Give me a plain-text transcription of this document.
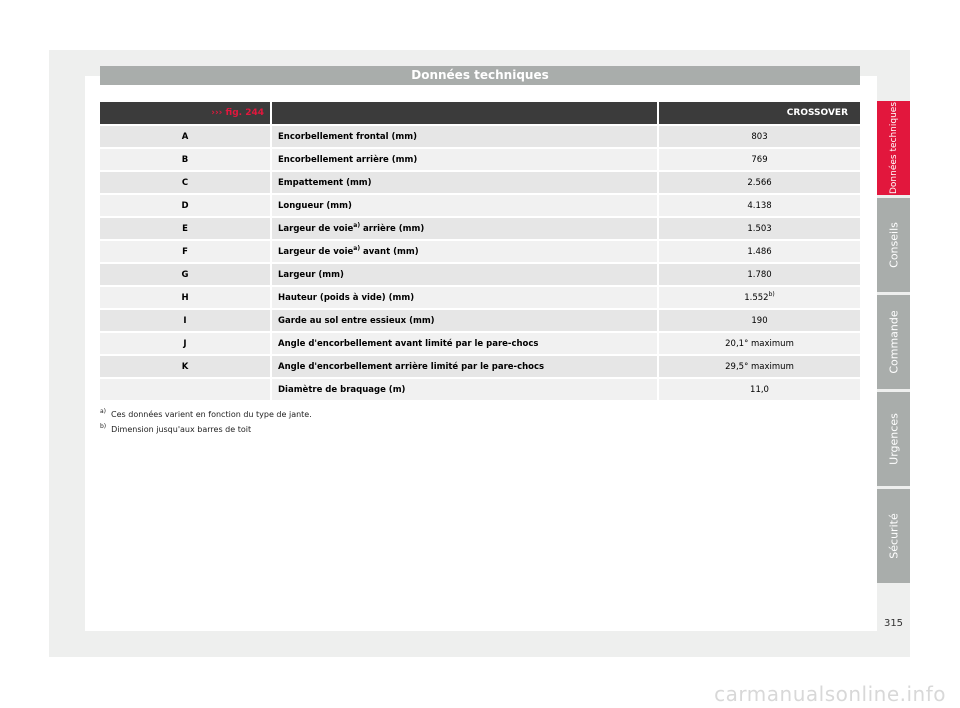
Données techniques
››› fig. 244		CROSSOVER
A	Encorbellement frontal (mm)	803
B	Encorbellement arrière (mm)	769
C	Empattement (mm)	2.566
D	Longueur (mm)	4.138
E	Largeur de voie$^{a)}$ arrière (mm)	1.503
F	Largeur de voie$^{a)}$ avant (mm)	1.486
G	Largeur (mm)	1.780
H	Hauteur (poids à vide) (mm)	1.552$^{b)}$
I	Garde au sol entre essieux (mm)	190
J	Angle d'encorbellement avant limité par le pare-chocs	20,1° maximum
K	Angle d'encorbellement arrière limité par le pare-chocs	29,5° maximum
	Diamètre de braquage (m)	11,0
$^{a)}$ Ces données varient en fonction du type de jante.
$^{b)}$ Dimension jusqu'aux barres de toit
Données techniques
Conseils
Commande
Urgences
Sécurité
315
carmanualsonline.info
